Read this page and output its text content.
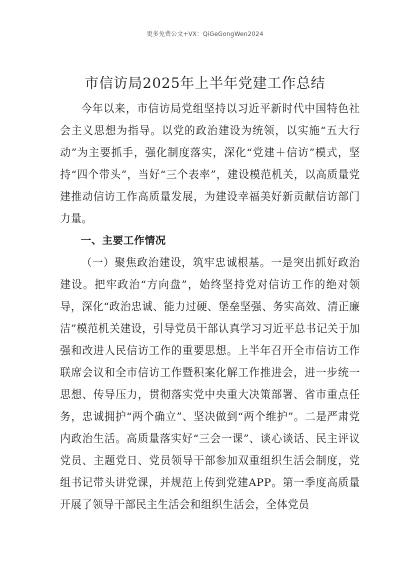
更多免费公文+VX：QiGeGongWen2024
市信访局2025年上半年党建工作总结

今年以来，市信访局党组坚持以习近平新时代中国特色社会主义思想为指导。以党的政治建设为统领，以实施“五大行动”为主要抓手，强化制度落实，深化“党建＋信访”模式，坚持“四个带头”，当好“三个表率”，建设模范机关，以高质量党建推动信访工作高质量发展，为建设幸福美好新贡献信访部门力量。

一、主要工作情况

（一）聚焦政治建设，筑牢忠诚根基。一是突出抓好政治建设。把牢政治“方向盘”，始终坚持党对信访工作的绝对领导，深化“政治忠诚、能力过硬、堡垒坚强、务实高效、清正廉洁”模范机关建设，引导党员干部认真学习习近平总书记关于加强和改进人民信访工作的重要思想。上半年召开全市信访工作联席会议和全市信访工作暨积案化解工作推进会，进一步统一思想、传导压力，贯彻落实党中央重大决策部署、省市重点任务，忠诚拥护“两个确立”、坚决做到“两个维护”。二是严肃党内政治生活。高质量落实好“三会一课”、谈心谈话、民主评议党员、主题党日、党员领导干部参加双重组织生活会制度，党组书记带头讲党课，并规范上传到党建APP。第一季度高质量开展了领导干部民主生活会和组织生活会，全体党员
